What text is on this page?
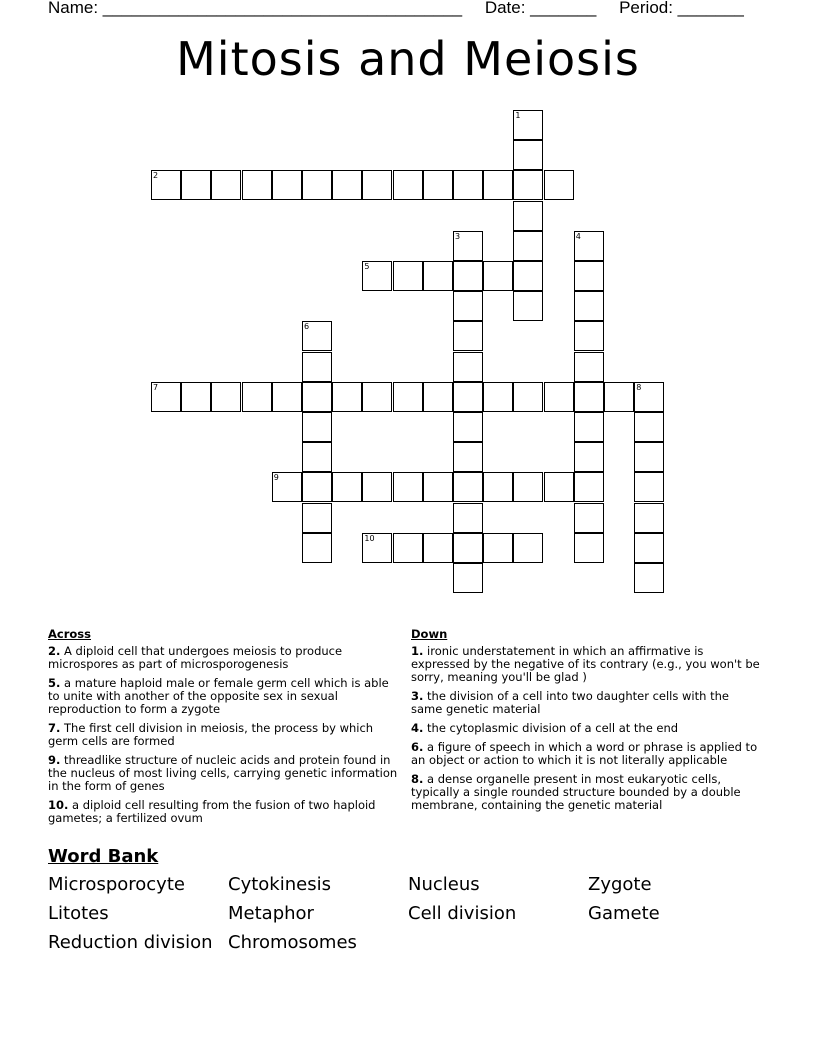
Name: ______________________________________ Date: _______ Period: _______
Mitosis and Meiosis
1
2
3	4
5
6
7	8
9
10
Across
2. A diploid cell that undergoes meiosis to produce microspores as part of microsporogenesis
5. a mature haploid male or female germ cell which is able to unite with another of the opposite sex in sexual reproduction to form a zygote
7. The first cell division in meiosis, the process by which germ cells are formed
9. threadlike structure of nucleic acids and protein found in the nucleus of most living cells, carrying genetic information in the form of genes
10. a diploid cell resulting from the fusion of two haploid gametes; a fertilized ovum
Down
1. ironic understatement in which an affirmative is expressed by the negative of its contrary (e.g., you won't be sorry, meaning you'll be glad )
3. the division of a cell into two daughter cells with the same genetic material
4. the cytoplasmic division of a cell at the end
6. a figure of speech in which a word or phrase is applied to an object or action to which it is not literally applicable
8. a dense organelle present in most eukaryotic cells, typically a single rounded structure bounded by a double membrane, containing the genetic material
Word Bank
Microsporocyte Cytokinesis	Nucleus	Zygote
Litotes	Metaphor	Cell division	Gamete
Reduction division Chromosomes
